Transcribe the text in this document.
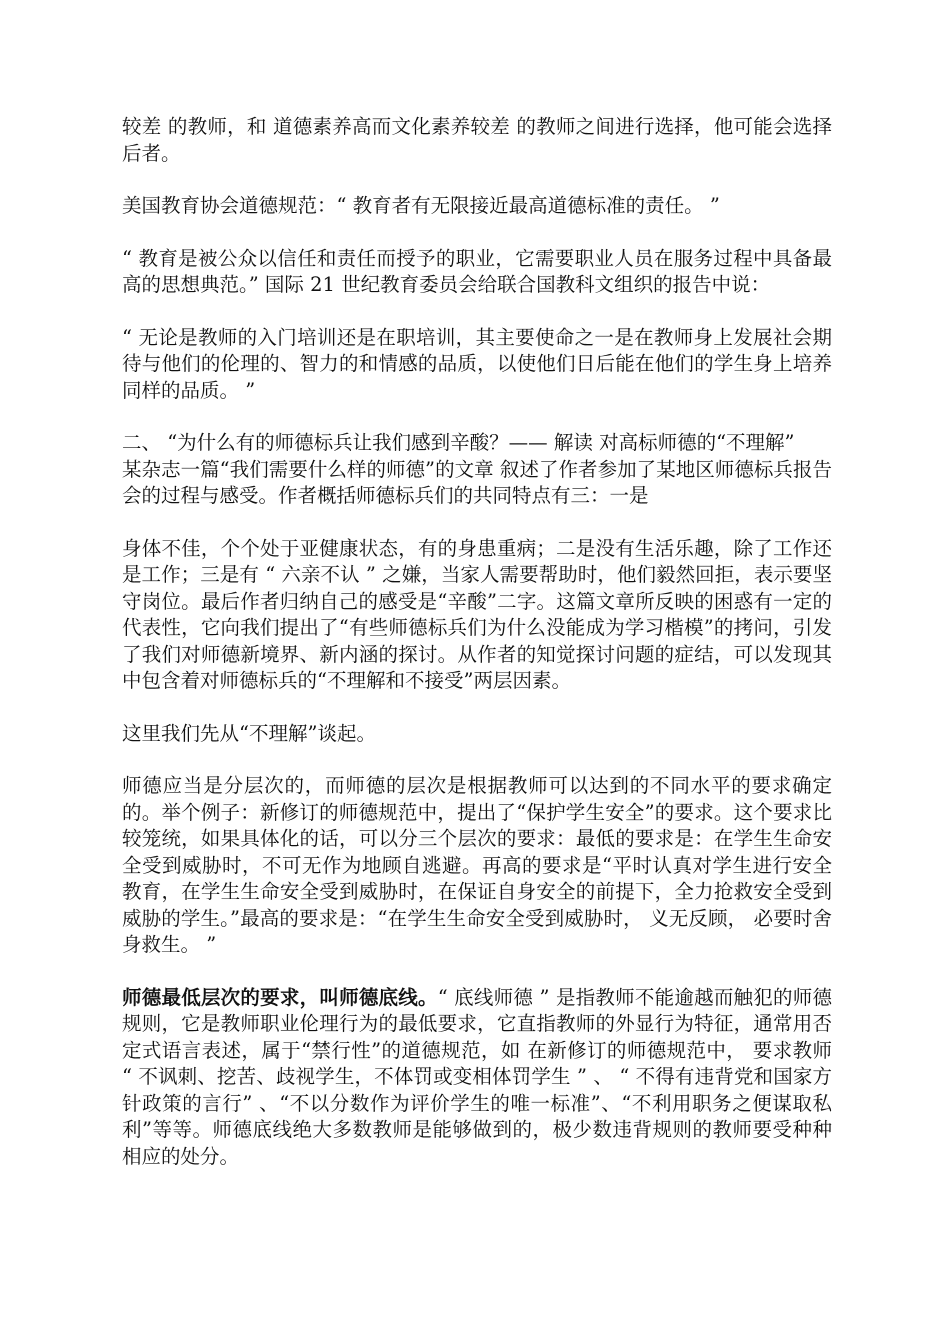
较差 的教师，和 道德素养高而文化素养较差 的教师之间进行选择，他可能会选择后者。

美国教育协会道德规范：“ 教育者有无限接近最高道德标准的责任。 ”

“ 教育是被公众以信任和责任而授予的职业，它需要职业人员在服务过程中具备最高的思想典范。” 国际 21 世纪教育委员会给联合国教科文组织的报告中说：

“ 无论是教师的入门培训还是在职培训，其主要使命之一是在教师身上发展社会期待与他们的伦理的、智力的和情感的品质，以使他们日后能在他们的学生身上培养同样的品质。 ”

二、 “为什么有的师德标兵让我们感到辛酸？—— 解读 对高标师德的“不理解”

某杂志一篇“我们需要什么样的师德”的文章 叙述了作者参加了某地区师德标兵报告会的过程与感受。作者概括师德标兵们的共同特点有三：一是

身体不佳，个个处于亚健康状态，有的身患重病；二是没有生活乐趣，除了工作还是工作；三是有 “ 六亲不认 ” 之嫌，当家人需要帮助时，他们毅然回拒，表示要坚守岗位。最后作者归纳自己的感受是“辛酸”二字。这篇文章所反映的困惑有一定的代表性，它向我们提出了“有些师德标兵们为什么没能成为学习楷模”的拷问，引发了我们对师德新境界、新内涵的探讨。从作者的知觉探讨问题的症结，可以发现其中包含着对师德标兵的“不理解和不接受”两层因素。

这里我们先从“不理解”谈起。

师德应当是分层次的，而师德的层次是根据教师可以达到的不同水平的要求确定的。举个例子：新修订的师德规范中，提出了“保护学生安全”的要求。这个要求比较笼统，如果具体化的话，可以分三个层次的要求：最低的要求是：在学生生命安全受到威胁时，不可无作为地顾自逃避。再高的要求是“平时认真对学生进行安全教育，在学生生命安全受到威胁时，在保证自身安全的前提下，全力抢救安全受到威胁的学生。”最高的要求是：“在学生生命安全受到威胁时， 义无反顾， 必要时舍身救生。 ”

师德最低层次的要求，叫师德底线。“ 底线师德 ” 是指教师不能逾越而触犯的师德规则，它是教师职业伦理行为的最低要求，它直指教师的外显行为特征，通常用否定式语言表述，属于“禁行性”的道德规范，如 在新修订的师德规范中， 要求教师 “ 不讽刺、挖苦、歧视学生，不体罚或变相体罚学生 ” 、 “ 不得有违背党和国家方针政策的言行” 、“不以分数作为评价学生的唯一标准”、“不利用职务之便谋取私利”等等。师德底线绝大多数教师是能够做到的，极少数违背规则的教师要受种种相应的处分。
